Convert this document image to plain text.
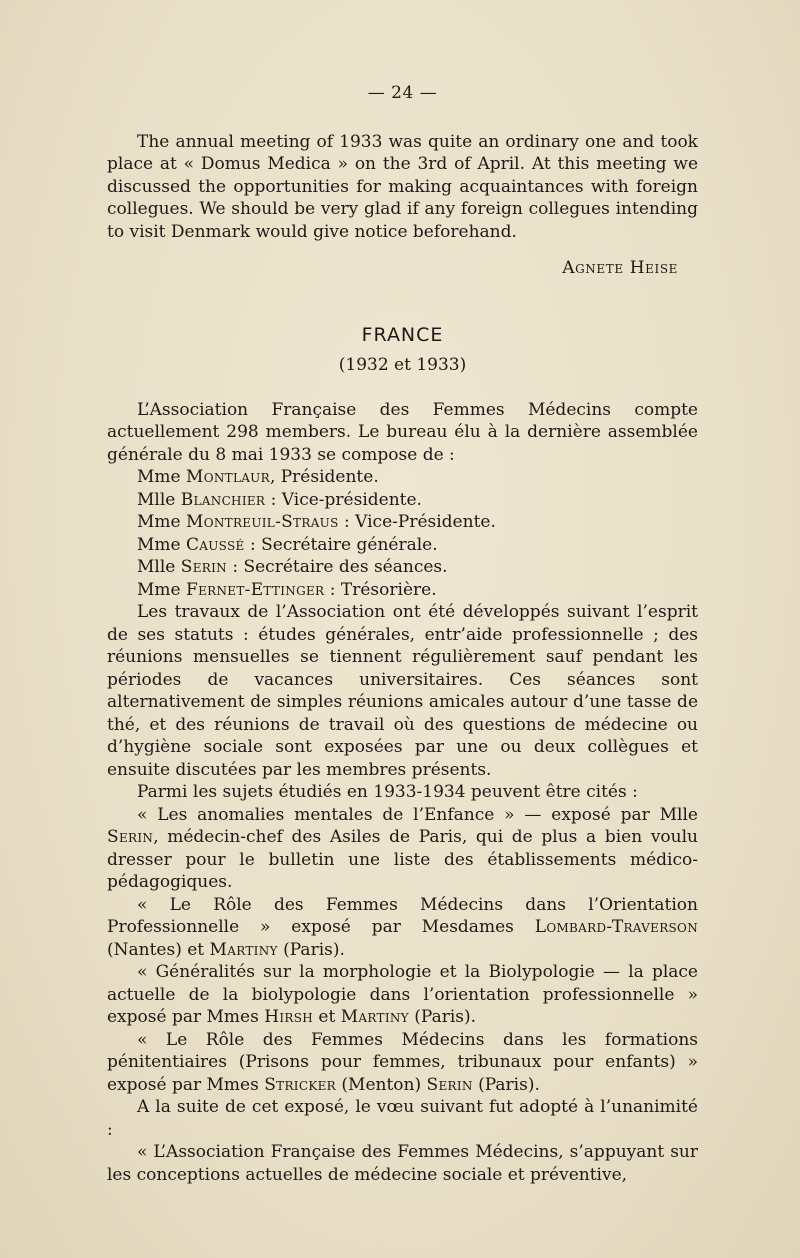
— 24 —

The annual meeting of 1933 was quite an ordinary one and took place at « Domus Medica » on the 3rd of April. At this meeting we discussed the opportunities for making acquaintances with foreign collegues. We should be very glad if any foreign collegues intending to visit Denmark would give notice beforehand.

Agnete Heise
FRANCE
(1932 et 1933)

L’Association Française des Femmes Médecins compte actuellement 298 members. Le bureau élu à la dernière assemblée générale du 8 mai 1933 se compose de :

Mme Montlaur, Présidente.
Mlle Blanchier : Vice-présidente.
Mme Montreuil-Straus : Vice-Présidente.
Mme Caussé : Secrétaire générale.
Mlle Serin : Secrétaire des séances.
Mme Fernet-Ettinger : Trésorière.

Les travaux de l’Association ont été développés suivant l’esprit de ses statuts : études générales, entr’aide professionnelle ; des réunions mensuelles se tiennent régulièrement sauf pendant les périodes de vacances universitaires. Ces séances sont alternativement de simples réunions amicales autour d’une tasse de thé, et des réunions de travail où des questions de médecine ou d’hygiène sociale sont exposées par une ou deux collègues et ensuite discutées par les membres présents.

Parmi les sujets étudiés en 1933-1934 peuvent être cités :

« Les anomalies mentales de l’Enfance » — exposé par Mlle Serin, médecin-chef des Asiles de Paris, qui de plus a bien voulu dresser pour le bulletin une liste des établissements médico-pédagogiques.

« Le Rôle des Femmes Médecins dans l’Orientation Professionnelle » exposé par Mesdames Lombard-Traverson (Nantes) et Martiny (Paris).

« Généralités sur la morphologie et la Biolypologie — la place actuelle de la biolypologie dans l’orientation professionnelle » exposé par Mmes Hirsh et Martiny (Paris).

« Le Rôle des Femmes Médecins dans les formations pénitentiaires (Prisons pour femmes, tribunaux pour enfants) » exposé par Mmes Stricker (Menton) Serin (Paris).

A la suite de cet exposé, le vœu suivant fut adopté à l’unanimité :

« L’Association Française des Femmes Médecins, s’appuyant sur les conceptions actuelles de médecine sociale et préventive,
